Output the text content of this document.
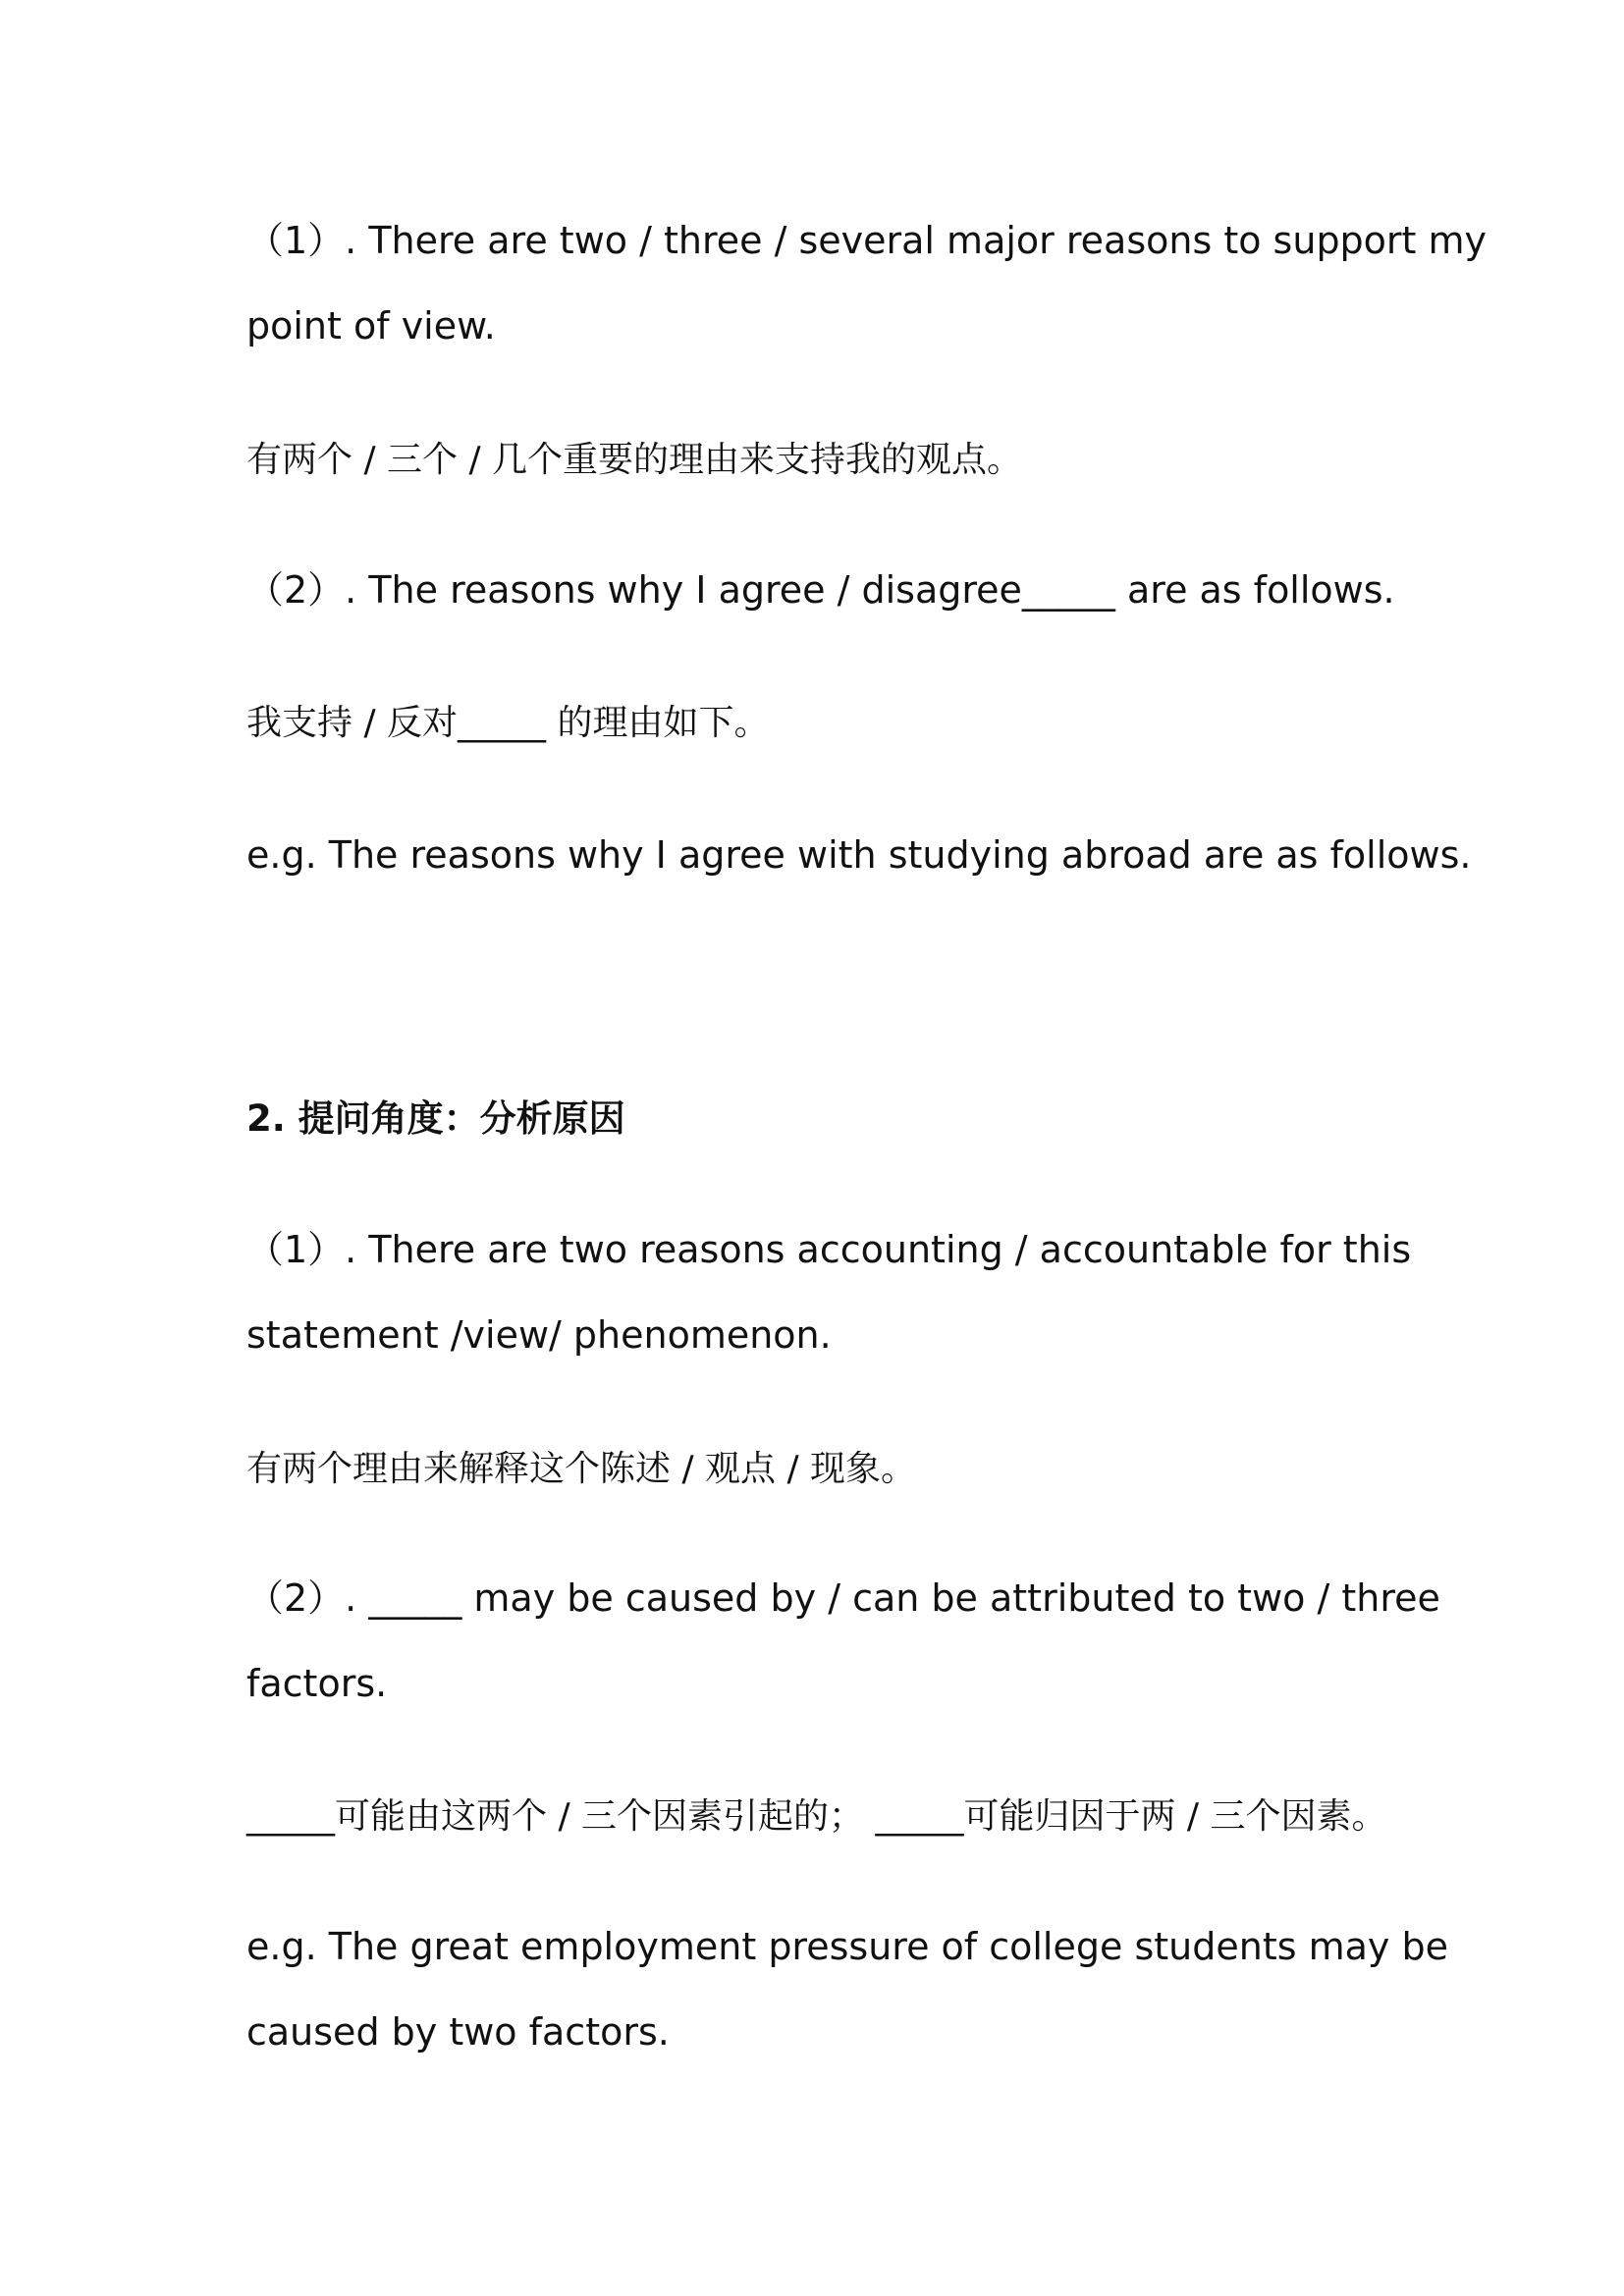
（1）. There are two / three / several major reasons to support my
point of view.
有两个 / 三个 / 几个重要的理由来支持我的观点。
（2）. The reasons why I agree / disagree_____ are as follows.
我支持 / 反对_____ 的理由如下。
e.g. The reasons why I agree with studying abroad are as follows.
2. 提问角度：分析原因
（1）. There are two reasons accounting / accountable for this
statement /view/ phenomenon.
有两个理由来解释这个陈述 / 观点 / 现象。
（2）. _____ may be caused by / can be attributed to two / three
factors.
_____可能由这两个 / 三个因素引起的； _____可能归因于两 / 三个因素。
e.g. The great employment pressure of college students may be
caused by two factors.
